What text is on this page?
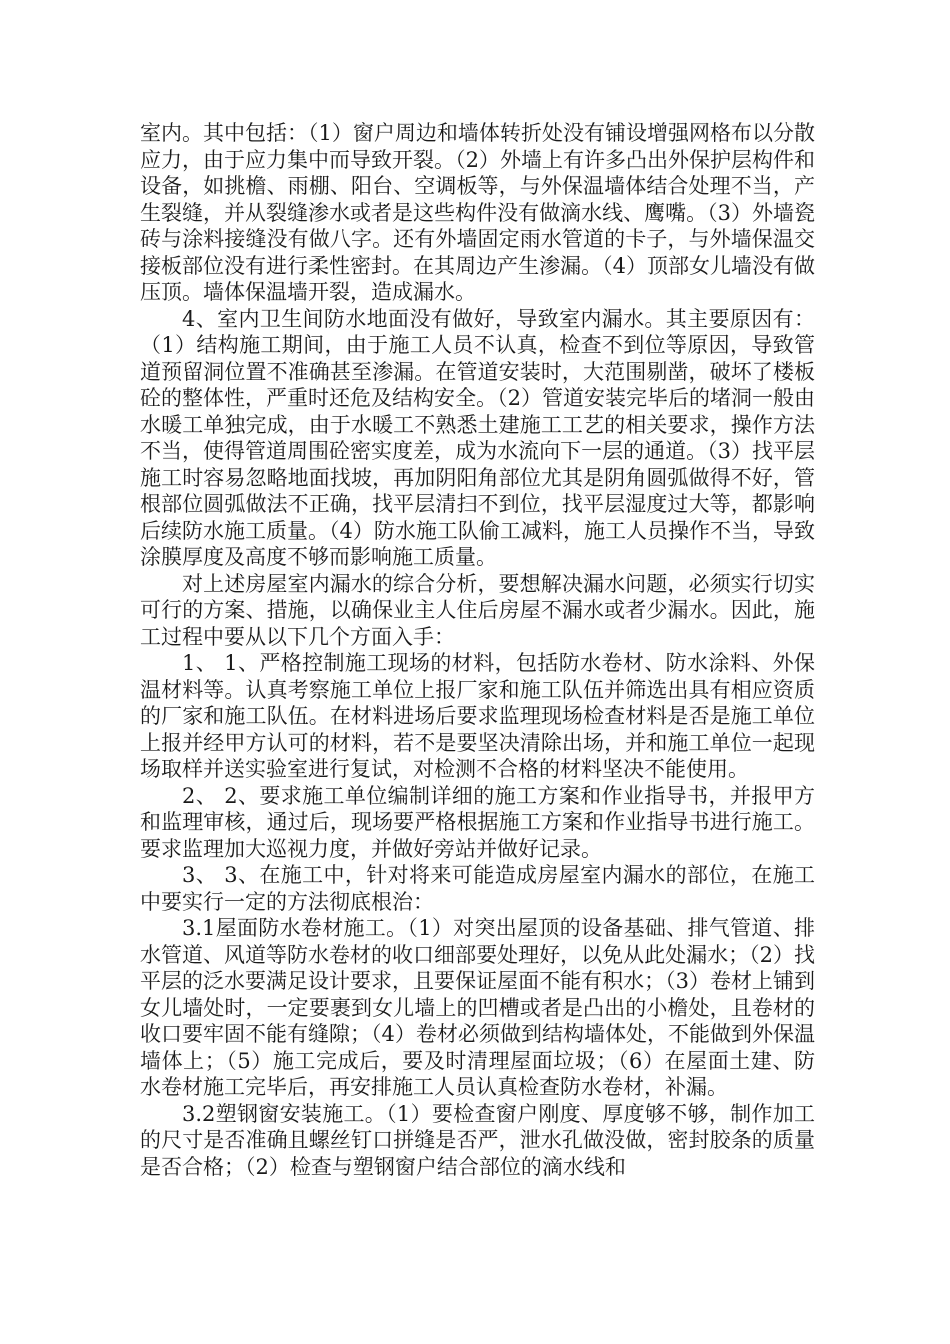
室内。其中包括：（1）窗户周边和墙体转折处没有铺设增强网格布以分散应力，由于应力集中而导致开裂。（2）外墙上有许多凸出外保护层构件和设备，如挑檐、雨棚、阳台、空调板等，与外保温墙体结合处理不当，产生裂缝，并从裂缝渗水或者是这些构件没有做滴水线、鹰嘴。（3）外墙瓷砖与涂料接缝没有做八字。还有外墙固定雨水管道的卡子，与外墙保温交接板部位没有进行柔性密封。在其周边产生渗漏。（4）顶部女儿墙没有做压顶。墙体保温墙开裂，造成漏水。

4、室内卫生间防水地面没有做好，导致室内漏水。其主要原因有：（1）结构施工期间，由于施工人员不认真，检查不到位等原因，导致管道预留洞位置不准确甚至渗漏。在管道安装时，大范围剔凿，破坏了楼板砼的整体性，严重时还危及结构安全。（2）管道安装完毕后的堵洞一般由水暖工单独完成，由于水暖工不熟悉土建施工工艺的相关要求，操作方法不当，使得管道周围砼密实度差，成为水流向下一层的通道。（3）找平层施工时容易忽略地面找坡，再加阴阳角部位尤其是阴角圆弧做得不好，管根部位圆弧做法不正确，找平层清扫不到位，找平层湿度过大等，都影响后续防水施工质量。（4）防水施工队偷工减料，施工人员操作不当，导致涂膜厚度及高度不够而影响施工质量。

对上述房屋室内漏水的综合分析，要想解决漏水问题，必须实行切实可行的方案、措施，以确保业主人住后房屋不漏水或者少漏水。因此，施工过程中要从以下几个方面入手：

1、 1、严格控制施工现场的材料，包括防水卷材、防水涂料、外保温材料等。认真考察施工单位上报厂家和施工队伍并筛选出具有相应资质的厂家和施工队伍。在材料进场后要求监理现场检查材料是否是施工单位上报并经甲方认可的材料，若不是要坚决清除出场，并和施工单位一起现场取样并送实验室进行复试，对检测不合格的材料坚决不能使用。

2、 2、要求施工单位编制详细的施工方案和作业指导书，并报甲方和监理审核，通过后，现场要严格根据施工方案和作业指导书进行施工。要求监理加大巡视力度，并做好旁站并做好记录。

3、 3、在施工中，针对将来可能造成房屋室内漏水的部位，在施工中要实行一定的方法彻底根治：

3.1屋面防水卷材施工。（1）对突出屋顶的设备基础、排气管道、排水管道、风道等防水卷材的收口细部要处理好，以免从此处漏水；（2）找平层的泛水要满足设计要求，且要保证屋面不能有积水；（3）卷材上铺到女儿墙处时，一定要裹到女儿墙上的凹槽或者是凸出的小檐处，且卷材的收口要牢固不能有缝隙；（4）卷材必须做到结构墙体处，不能做到外保温墙体上；（5）施工完成后，要及时清理屋面垃圾；（6）在屋面土建、防水卷材施工完毕后，再安排施工人员认真检查防水卷材，补漏。

3.2塑钢窗安装施工。（1）要检查窗户刚度、厚度够不够，制作加工的尺寸是否准确且螺丝钉口拼缝是否严，泄水孔做没做，密封胶条的质量是否合格；（2）检查与塑钢窗户结合部位的滴水线和
